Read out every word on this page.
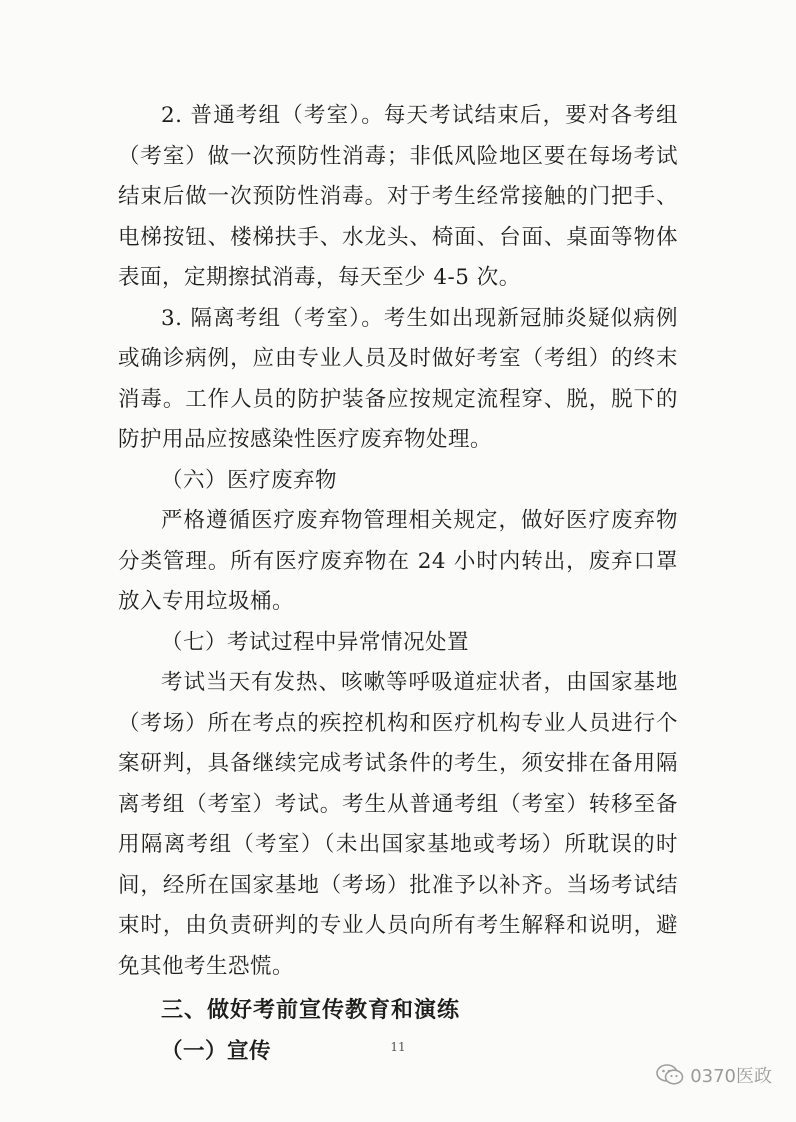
2. 普通考组（考室）。每天考试结束后，要对各考组（考室）做一次预防性消毒；非低风险地区要在每场考试结束后做一次预防性消毒。对于考生经常接触的门把手、电梯按钮、楼梯扶手、水龙头、椅面、台面、桌面等物体表面，定期擦拭消毒，每天至少 4-5 次。

3. 隔离考组（考室）。考生如出现新冠肺炎疑似病例或确诊病例，应由专业人员及时做好考室（考组）的终末消毒。工作人员的防护装备应按规定流程穿、脱，脱下的防护用品应按感染性医疗废弃物处理。

（六）医疗废弃物

严格遵循医疗废弃物管理相关规定，做好医疗废弃物分类管理。所有医疗废弃物在 24 小时内转出，废弃口罩放入专用垃圾桶。

（七）考试过程中异常情况处置

考试当天有发热、咳嗽等呼吸道症状者，由国家基地（考场）所在考点的疾控机构和医疗机构专业人员进行个案研判，具备继续完成考试条件的考生，须安排在备用隔离考组（考室）考试。考生从普通考组（考室）转移至备用隔离考组（考室）（未出国家基地或考场）所耽误的时间，经所在国家基地（考场）批准予以补齐。当场考试结束时，由负责研判的专业人员向所有考生解释和说明，避免其他考生恐慌。

三、做好考前宣传教育和演练

（一）宣传	11
0370医政
